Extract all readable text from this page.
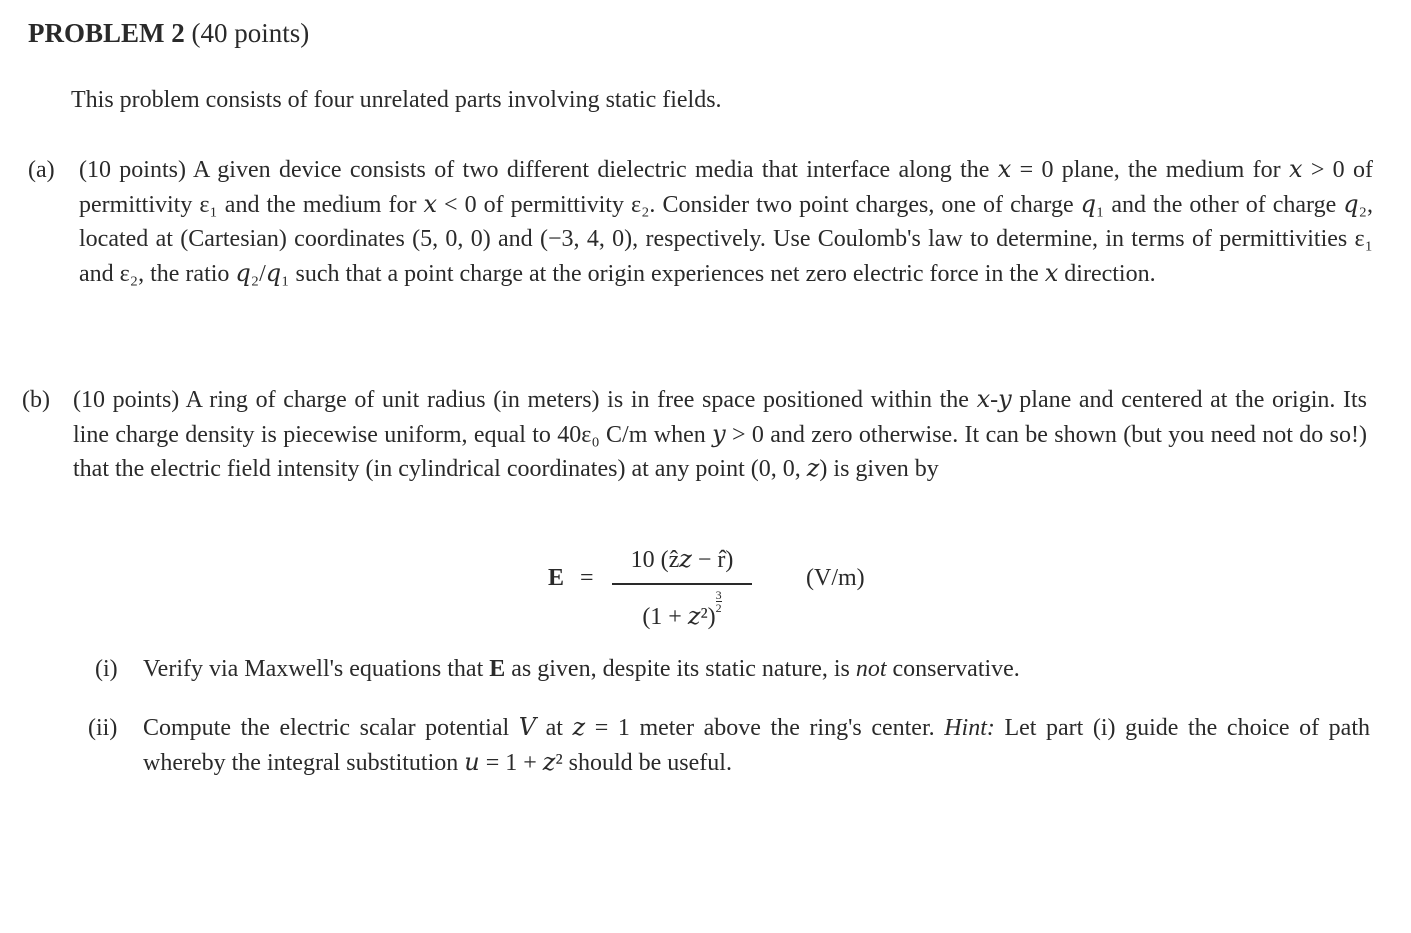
PROBLEM 2 (40 points)
This problem consists of four unrelated parts involving static fields.
(a) (10 points) A given device consists of two different dielectric media that interface along the 𝑥 = 0 plane, the medium for 𝑥 > 0 of permittivity ε₁ and the medium for 𝑥 < 0 of permittivity ε₂. Consider two point charges, one of charge 𝑞₁ and the other of charge 𝑞₂, located at (Cartesian) coordinates (5, 0, 0) and (−3, 4, 0), respectively. Use Coulomb's law to determine, in terms of permittivities ε₁ and ε₂, the ratio 𝑞₂/𝑞₁ such that a point charge at the origin experiences net zero electric force in the 𝑥 direction.
(b) (10 points) A ring of charge of unit radius (in meters) is in free space positioned within the 𝑥-𝑦 plane and centered at the origin. Its line charge density is piecewise uniform, equal to 40ε₀ C/m when 𝑦 > 0 and zero otherwise. It can be shown (but you need not do so!) that the electric field intensity (in cylindrical coordinates) at any point (0, 0, 𝑧) is given by
E =
10 (ẑ𝑧 − r̂)
(1 + 𝑧²)
$\frac{3}{2}$
(V/m)
(i) Verify via Maxwell's equations that E as given, despite its static nature, is not conservative.
(ii) Compute the electric scalar potential 𝑉 at 𝑧 = 1 meter above the ring's center. Hint: Let part (i) guide the choice of path whereby the integral substitution 𝑢 = 1 + 𝑧² should be useful.
